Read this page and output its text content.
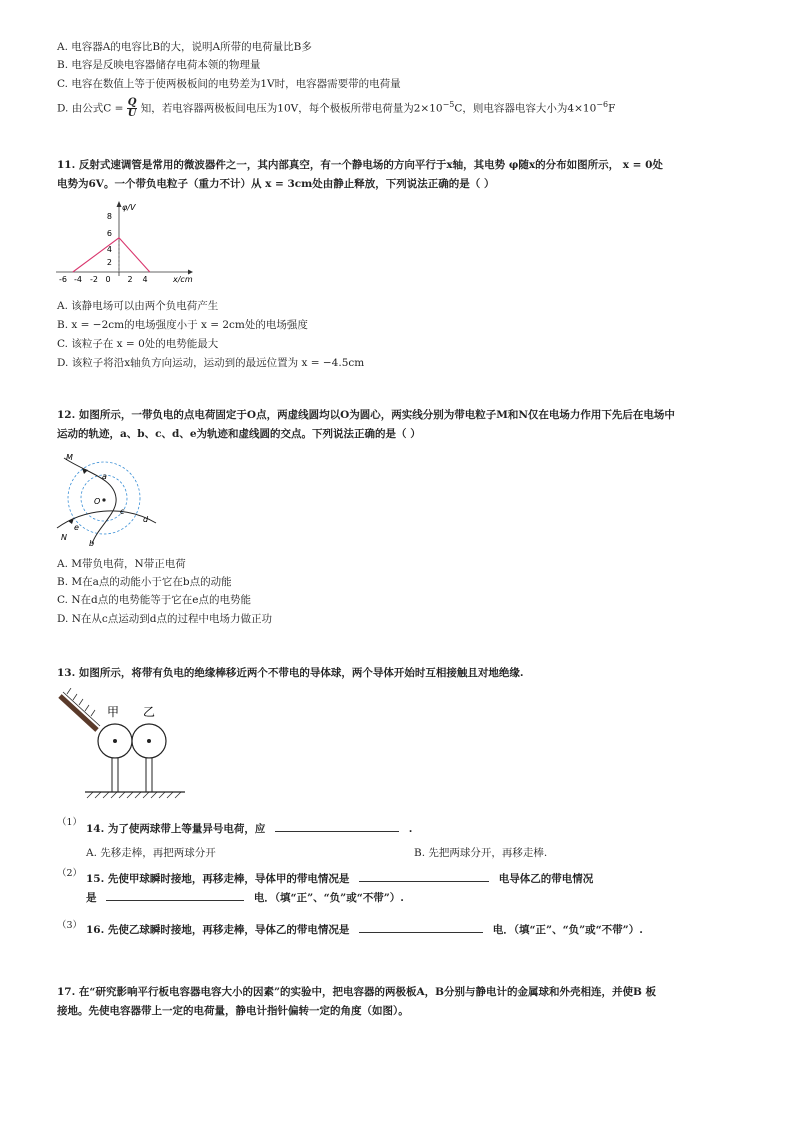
A. 电容器A的电容比B的大，说明A所带的电荷量比B多
B. 电容是反映电容器储存电荷本领的物理量
C. 电容在数值上等于使两极板间的电势差为1V时，电容器需要带的电荷量
D. 由公式$C = \frac{Q}{U}$ 知，若电容器两极板间电压为10V，每个极板所带电荷量为$2\times 10^{-5}C$，则电容器电容大小为$4\times 10^{-6}F$
11. 反射式速调管是常用的微波器件之一，其内部真空，有一个静电场的方向平行于x轴，其电势 φ随x的分布如图所示， x = 0处
电势为6V。一个带负电粒子（重力不计）从 x = 3cm处由静止释放，下列说法正确的是（ ）
8
6
4
2
-6 -4 -2 0 2 4
φ/V
x/cm
A. 该静电场可以由两个负电荷产生
B. x = −2cm的电场强度小于 x = 2cm处的电场强度
C. 该粒子在 x = 0处的电势能最大
D. 该粒子将沿x轴负方向运动，运动到的最远位置为 x = −4.5cm
12. 如图所示，一带负电的点电荷固定于O点，两虚线圆均以O为圆心，两实线分别为带电粒子M和N仅在电场力作用下先后在电场中
运动的轨迹，a、b、c、d、e为轨迹和虚线圆的交点。下列说法正确的是（ ）
M
N
O
a
b
c
d
e
A. M带负电荷，N带正电荷
B. M在a点的动能小于它在b点的动能
C. N在d点的电势能等于它在e点的电势能
D. N在从c点运动到d点的过程中电场力做正功
13. 如图所示，将带有负电的绝缘棒移近两个不带电的导体球，两个导体开始时互相接触且对地绝缘.
甲 乙
（1）
14. 为了使两球带上等量异号电荷，应	.
A. 先移走棒，再把两球分开	B. 先把两球分开，再移走棒.
（2） 15. 先使甲球瞬时接地，再移走棒，导体甲的带电情况是	电导体乙的带电情况
是	电．（填“正”、“负”或“不带”）.
（3） 16. 先使乙球瞬时接地，再移走棒，导体乙的带电情况是	电．（填“正”、“负”或“不带”）.
17. 在“研究影响平行板电容器电容大小的因素”的实验中，把电容器的两极板A，B分别与静电计的金属球和外壳相连，并使B 板
接地。先使电容器带上一定的电荷量，静电计指针偏转一定的角度（如图）。
